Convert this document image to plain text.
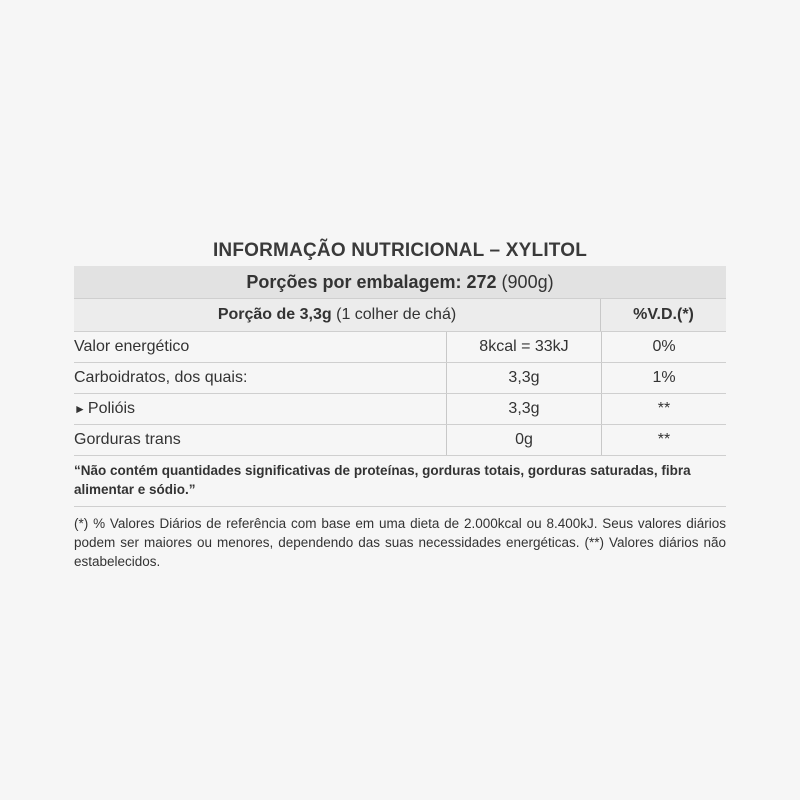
INFORMAÇÃO NUTRICIONAL – XYLITOL
Porções por embalagem: 272 (900g)
Porção de 3,3g (1 colher de chá)	%V.D.(*)
Valor energético	8kcal = 33kJ	0%
Carboidratos, dos quais:	3,3g	1%
► Polióis	3,3g	**
Gorduras trans	0g	**
“Não contém quantidades significativas de proteínas, gorduras totais, gorduras saturadas, fibra alimentar e sódio.”
(*) % Valores Diários de referência com base em uma dieta de 2.000kcal ou 8.400kJ. Seus valores diários podem ser maiores ou menores, dependendo das suas necessidades energéticas. (**) Valores diários não estabelecidos.
